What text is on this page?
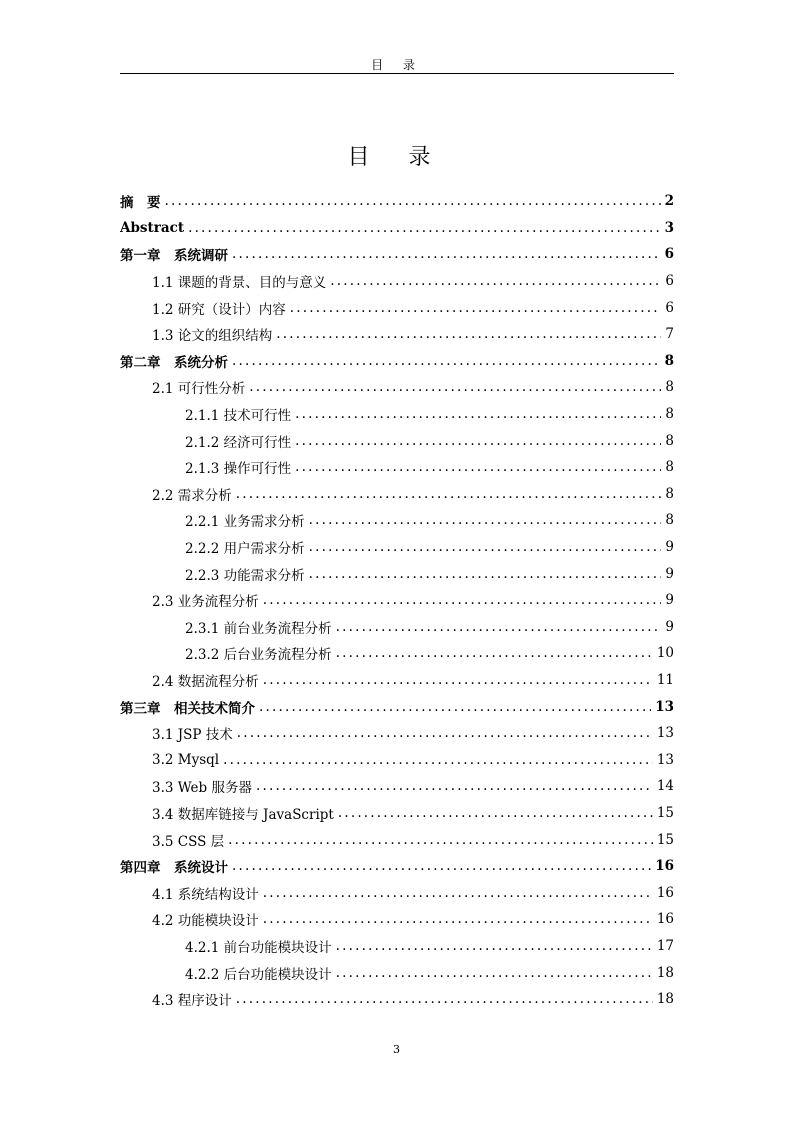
目 录
目 录
摘　要 .....	2
Abstract .....	3
第一章　系统调研 .....	6
1.1 课题的背景、目的与意义 .....	6
1.2 研究（设计）内容 .....	6
1.3 论文的组织结构 .....	7
第二章　系统分析 .....	8
2.1 可行性分析 .....	8
2.1.1 技术可行性 .....	8
2.1.2 经济可行性 .....	8
2.1.3 操作可行性 .....	8
2.2 需求分析 .....	8
2.2.1 业务需求分析 .....	8
2.2.2 用户需求分析 .....	9
2.2.3 功能需求分析 .....	9
2.3 业务流程分析 .....	9
2.3.1 前台业务流程分析 .....	9
2.3.2 后台业务流程分析 .....	10
2.4 数据流程分析 .....	11
第三章　相关技术简介 .....	13
3.1 JSP 技术 .....	13
3.2 Mysql .....	13
3.3 Web 服务器 .....	14
3.4 数据库链接与 JavaScript .....	15
3.5 CSS 层 .....	15
第四章　系统设计 .....	16
4.1 系统结构设计 .....	16
4.2 功能模块设计 .....	16
4.2.1 前台功能模块设计 .....	17
4.2.2 后台功能模块设计 .....	18
4.3 程序设计 .....	18
3
